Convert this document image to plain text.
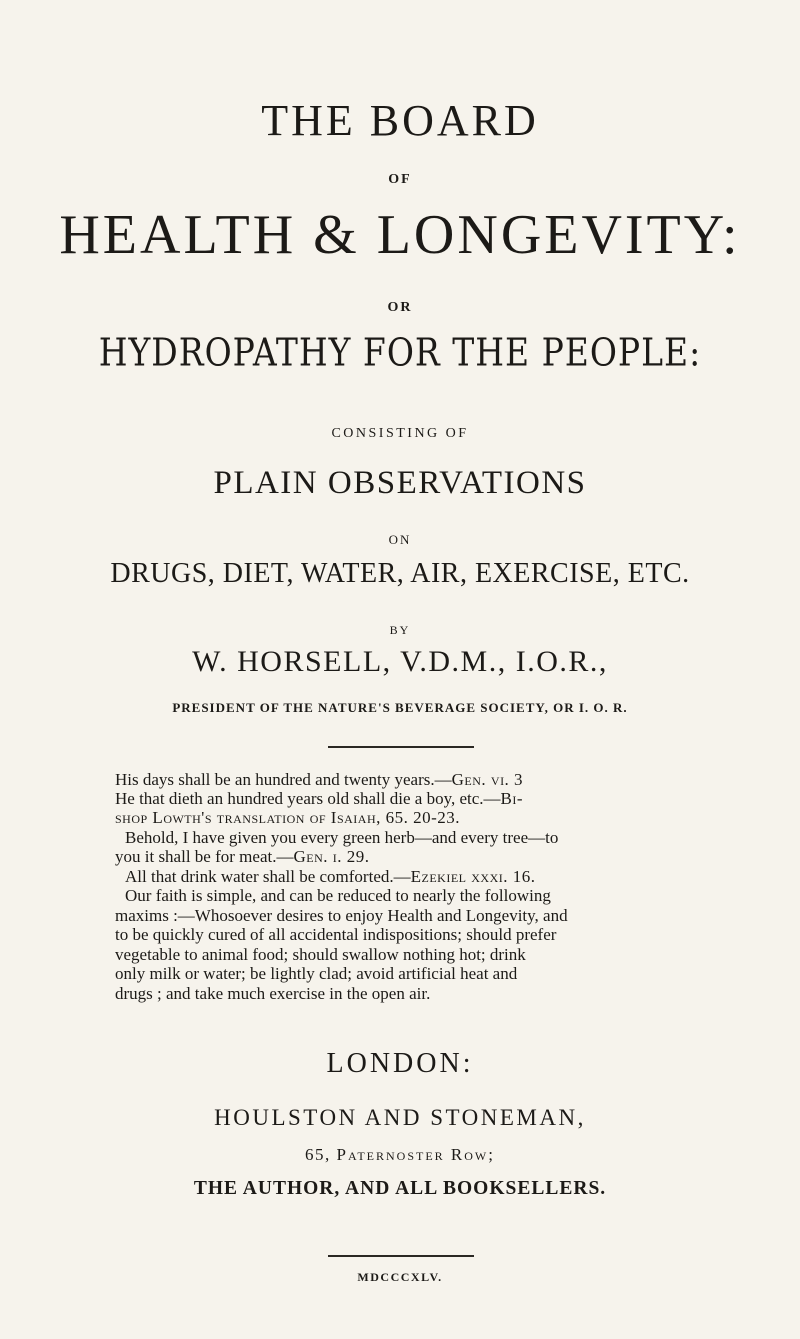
THE BOARD
OF
HEALTH & LONGEVITY:
OR
HYDROPATHY FOR THE PEOPLE:
CONSISTING OF
PLAIN OBSERVATIONS
ON
DRUGS, DIET, WATER, AIR, EXERCISE, ETC.
BY
W. HORSELL, V.D.M., I.O.R.,
PRESIDENT OF THE NATURE'S BEVERAGE SOCIETY, OR I. O. R.
His days shall be an hundred and twenty years.—Gen. vi. 3
He that dieth an hundred years old shall die a boy, etc.—Bi-
shop Lowth's translation of Isaiah, 65. 20-23.
Behold, I have given you every green herb—and every tree—to
you it shall be for meat.—Gen. i. 29.
All that drink water shall be comforted.—Ezekiel xxxi. 16.
Our faith is simple, and can be reduced to nearly the following
maxims :—Whosoever desires to enjoy Health and Longevity, and
to be quickly cured of all accidental indispositions; should prefer
vegetable to animal food; should swallow nothing hot; drink
only milk or water; be lightly clad; avoid artificial heat and
drugs ; and take much exercise in the open air.
LONDON:
HOULSTON AND STONEMAN,
65, Paternoster Row;
THE AUTHOR, AND ALL BOOKSELLERS.
MDCCCXLV.
